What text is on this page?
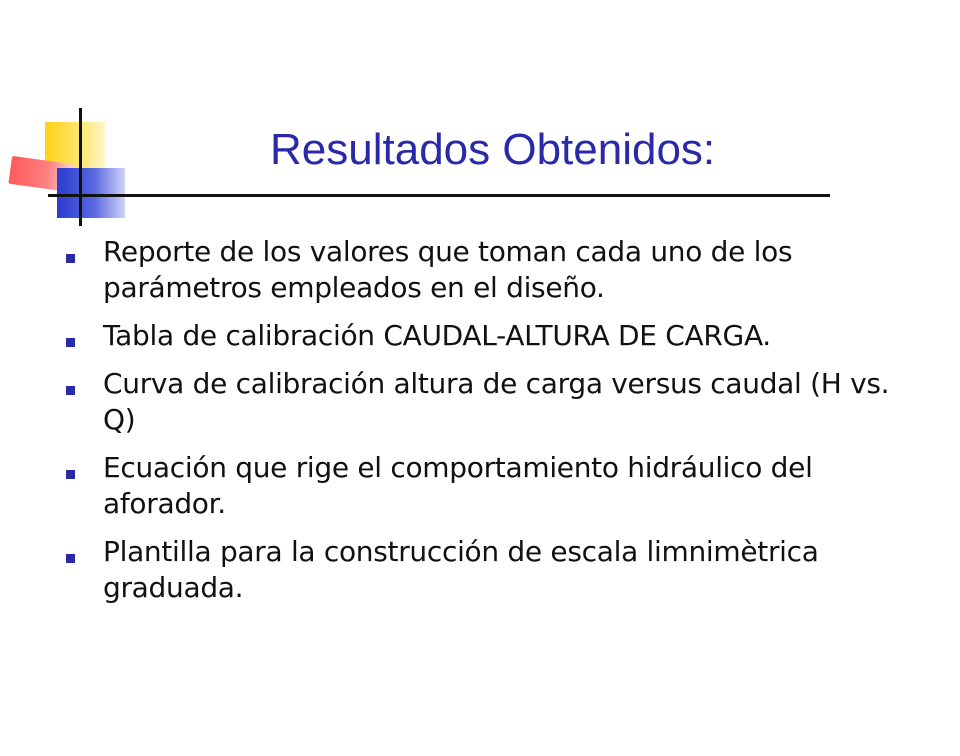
Resultados Obtenidos:
Reporte de los valores que toman cada uno de los parámetros empleados en el diseño.
Tabla de calibración CAUDAL-ALTURA DE CARGA.
Curva de calibración altura de carga versus caudal (H vs. Q)
Ecuación que rige el comportamiento hidráulico del aforador.
Plantilla para la construcción de escala limnimètrica graduada.
